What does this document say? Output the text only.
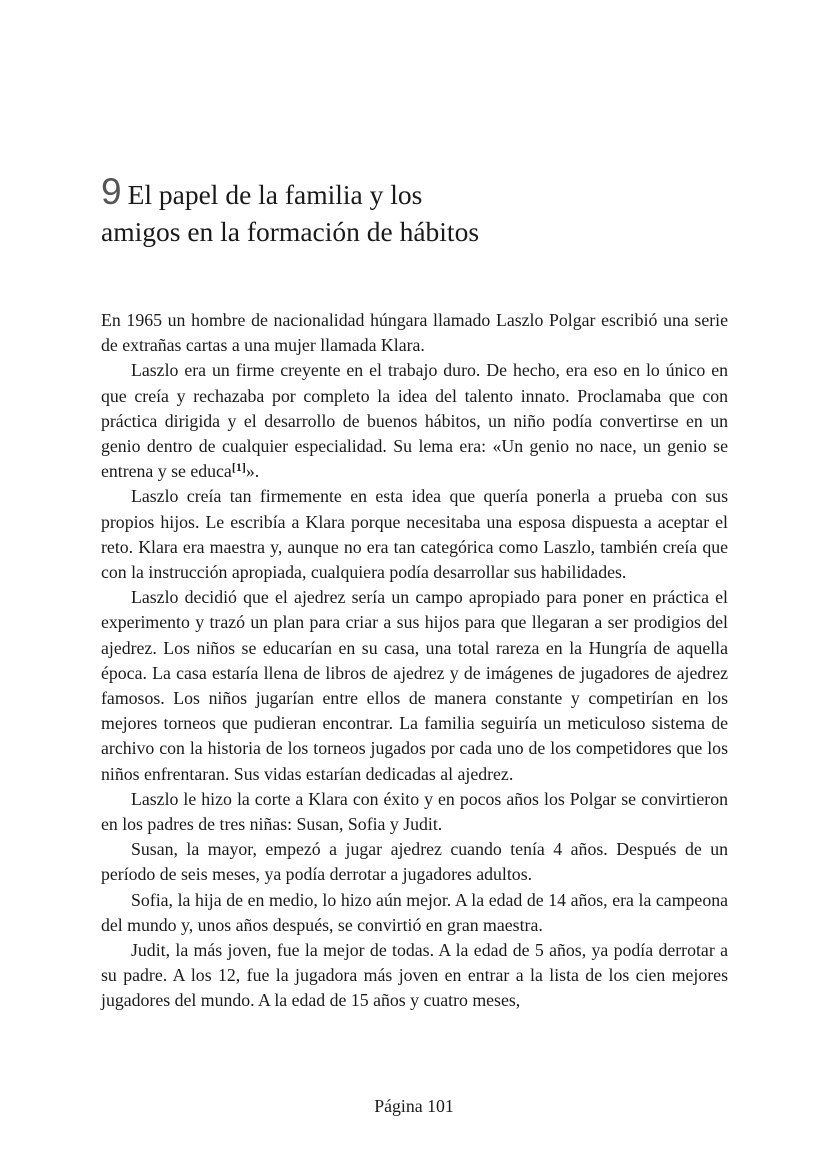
9 El papel de la familia y los
amigos en la formación de hábitos

En 1965 un hombre de nacionalidad húngara llamado Laszlo Polgar escribió una serie de extrañas cartas a una mujer llamada Klara.

Laszlo era un firme creyente en el trabajo duro. De hecho, era eso en lo único en que creía y rechazaba por completo la idea del talento innato. Proclamaba que con práctica dirigida y el desarrollo de buenos hábitos, un niño podía convertirse en un genio dentro de cualquier especialidad. Su lema era: «Un genio no nace, un genio se entrena y se educa[1]».

Laszlo creía tan firmemente en esta idea que quería ponerla a prueba con sus propios hijos. Le escribía a Klara porque necesitaba una esposa dispuesta a aceptar el reto. Klara era maestra y, aunque no era tan categórica como Laszlo, también creía que con la instrucción apropiada, cualquiera podía desarrollar sus habilidades.

Laszlo decidió que el ajedrez sería un campo apropiado para poner en práctica el experimento y trazó un plan para criar a sus hijos para que llegaran a ser prodigios del ajedrez. Los niños se educarían en su casa, una total rareza en la Hungría de aquella época. La casa estaría llena de libros de ajedrez y de imágenes de jugadores de ajedrez famosos. Los niños jugarían entre ellos de manera constante y competirían en los mejores torneos que pudieran encontrar. La familia seguiría un meticuloso sistema de archivo con la historia de los torneos jugados por cada uno de los competidores que los niños enfrentaran. Sus vidas estarían dedicadas al ajedrez.

Laszlo le hizo la corte a Klara con éxito y en pocos años los Polgar se convirtieron en los padres de tres niñas: Susan, Sofia y Judit.

Susan, la mayor, empezó a jugar ajedrez cuando tenía 4 años. Después de un período de seis meses, ya podía derrotar a jugadores adultos.

Sofia, la hija de en medio, lo hizo aún mejor. A la edad de 14 años, era la campeona del mundo y, unos años después, se convirtió en gran maestra.

Judit, la más joven, fue la mejor de todas. A la edad de 5 años, ya podía derrotar a su padre. A los 12, fue la jugadora más joven en entrar a la lista de los cien mejores jugadores del mundo. A la edad de 15 años y cuatro meses,

Página 101
